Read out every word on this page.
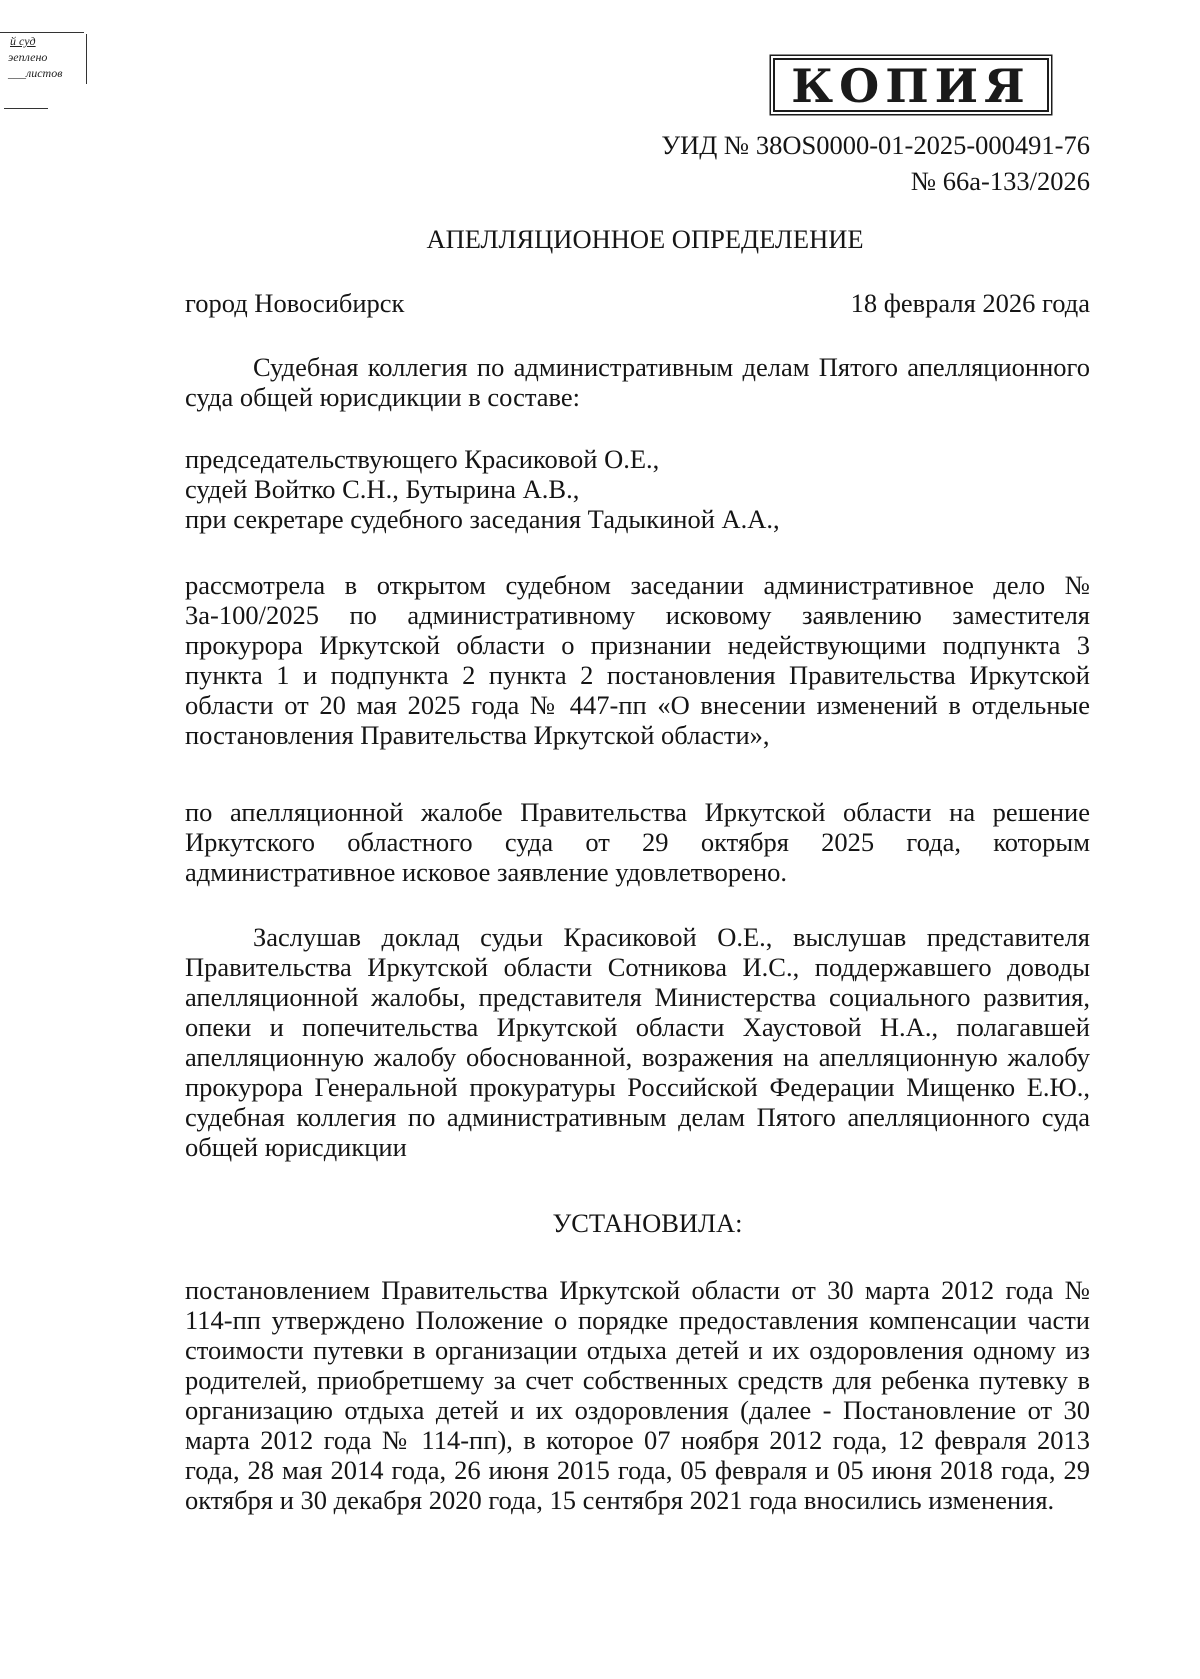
й суд
эеплено
___листов	КОПИЯ
УИД № 38OS0000-01-2025-000491-76
№ 66а-133/2026
АПЕЛЛЯЦИОННОЕ ОПРЕДЕЛЕНИЕ
город Новосибирск	18 февраля 2026 года
Судебная коллегия по административным делам Пятого апелляционного суда общей юрисдикции в составе:
председательствующего Красиковой О.Е.,
судей Войтко С.Н., Бутырина А.В.,
при секретаре судебного заседания Тадыкиной А.А.,
рассмотрела в открытом судебном заседании административное дело № 3а-100/2025 по административному исковому заявлению заместителя прокурора Иркутской области о признании недействующими подпункта 3 пункта 1 и подпункта 2 пункта 2 постановления Правительства Иркутской области от 20 мая 2025 года № 447-пп «О внесении изменений в отдельные постановления Правительства Иркутской области»,
по апелляционной жалобе Правительства Иркутской области на решение Иркутского областного суда от 29 октября 2025 года, которым административное исковое заявление удовлетворено.
Заслушав доклад судьи Красиковой О.Е., выслушав представителя Правительства Иркутской области Сотникова И.С., поддержавшего доводы апелляционной жалобы, представителя Министерства социального развития, опеки и попечительства Иркутской области Хаустовой Н.А., полагавшей апелляционную жалобу обоснованной, возражения на апелляционную жалобу прокурора Генеральной прокуратуры Российской Федерации Мищенко Е.Ю., судебная коллегия по административным делам Пятого апелляционного суда общей юрисдикции
УСТАНОВИЛА:
постановлением Правительства Иркутской области от 30 марта 2012 года № 114-пп утверждено Положение о порядке предоставления компенсации части стоимости путевки в организации отдыха детей и их оздоровления одному из родителей, приобретшему за счет собственных средств для ребенка путевку в организацию отдыха детей и их оздоровления (далее - Постановление от 30 марта 2012 года № 114-пп), в которое 07 ноября 2012 года, 12 февраля 2013 года, 28 мая 2014 года, 26 июня 2015 года, 05 февраля и 05 июня 2018 года, 29 октября и 30 декабря 2020 года, 15 сентября 2021 года вносились изменения.
